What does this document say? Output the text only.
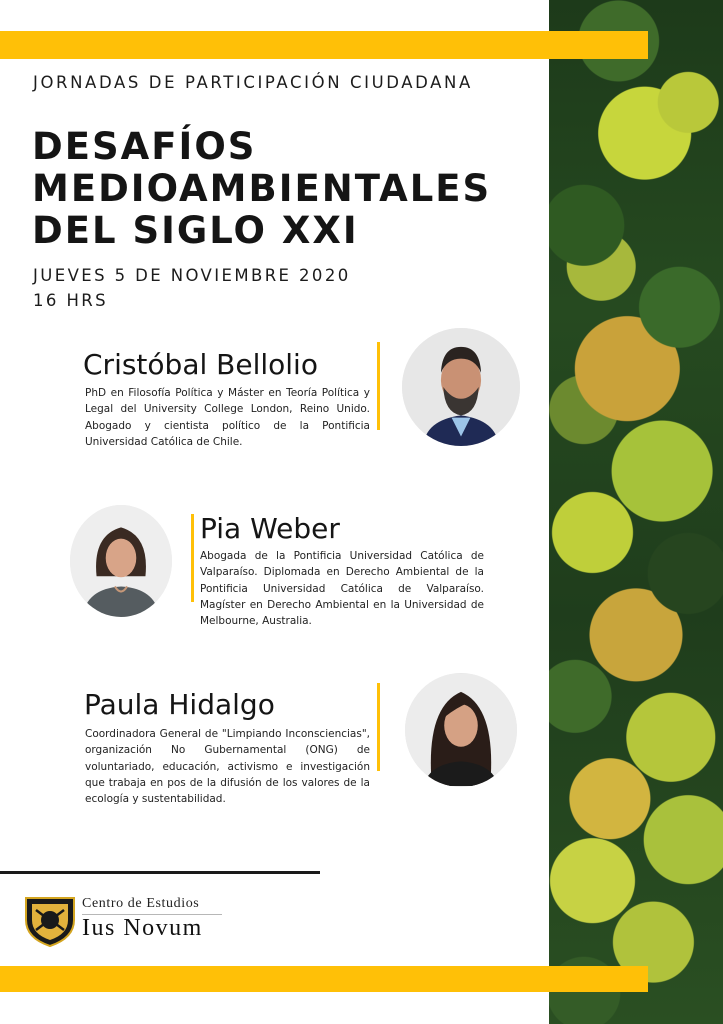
JORNADAS DE PARTICIPACIÓN CIUDADANA
DESAFÍOS
MEDIOAMBIENTALES
DEL SIGLO XXI
JUEVES 5 DE NOVIEMBRE 2020
16 HRS
Cristóbal Bellolio
PhD en Filosofía Política y Máster en Teoría Política y Legal del University College London, Reino Unido. Abogado y cientista político de la Pontificia Universidad Católica de Chile.
Pia Weber
Abogada de la Pontificia Universidad Católica de Valparaíso. Diplomada en Derecho Ambiental de la Pontificia Universidad Católica de Valparaíso. Magíster en Derecho Ambiental en la Universidad de Melbourne, Australia.
Paula Hidalgo
Coordinadora General de "Limpiando Inconsciencias", organización No Gubernamental (ONG) de voluntariado, educación, activismo e investigación que trabaja en pos de la difusión de los valores de la ecología y sustentabilidad.
Centro de Estudios
Ius Novum
